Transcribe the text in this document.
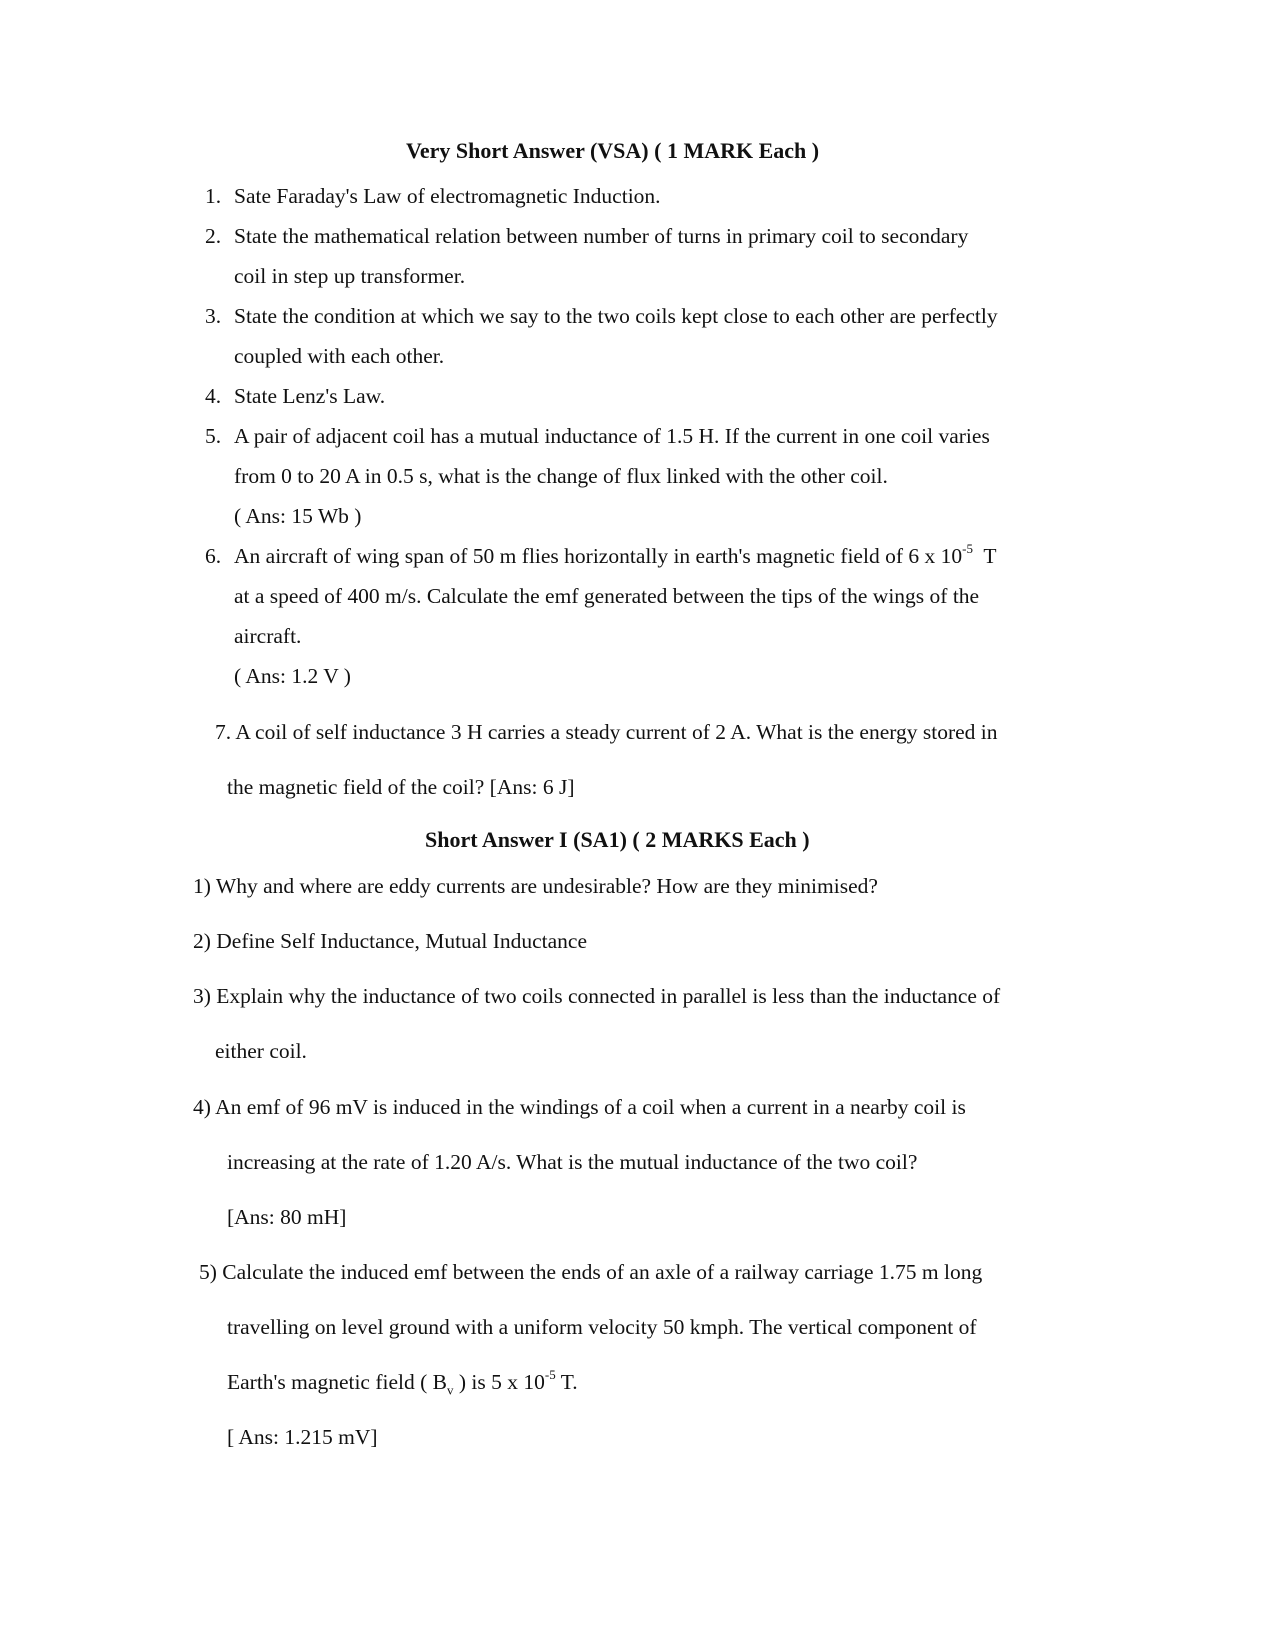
Very Short Answer (VSA) ( 1 MARK Each )
1. Sate Faraday's Law of electromagnetic Induction.
2. State the mathematical relation between number of turns in primary coil to secondary
coil in step up transformer.
3. State the condition at which we say to the two coils kept close to each other are perfectly
coupled with each other.
4. State Lenz's Law.
5. A pair of adjacent coil has a mutual inductance of 1.5 H. If the current in one coil varies
from 0 to 20 A in 0.5 s, what is the change of flux linked with the other coil.
( Ans: 15 Wb )
6. An aircraft of wing span of 50 m flies horizontally in earth's magnetic field of 6 x $10^{-5}$  T
at a speed of 400 m/s. Calculate the emf generated between the tips of the wings of the
aircraft.
( Ans: 1.2 V )
7. A coil of self inductance 3 H carries a steady current of 2 A. What is the energy stored in
the magnetic field of the coil? [Ans: 6 J]
Short Answer I (SA1) ( 2 MARKS Each )
1) Why and where are eddy currents are undesirable? How are they minimised?
2) Define Self Inductance, Mutual Inductance
3) Explain why the inductance of two coils connected in parallel is less than the inductance of
either coil.
4) An emf of 96 mV is induced in the windings of a coil when a current in a nearby coil is
increasing at the rate of 1.20 A/s. What is the mutual inductance of the two coil?
[Ans: 80 mH]
5) Calculate the induced emf between the ends of an axle of a railway carriage 1.75 m long
travelling on level ground with a uniform velocity 50 kmph. The vertical component of
Earth's magnetic field ( $B_v$ ) is 5 x $10^{-5}$ T.
[ Ans: 1.215 mV]
